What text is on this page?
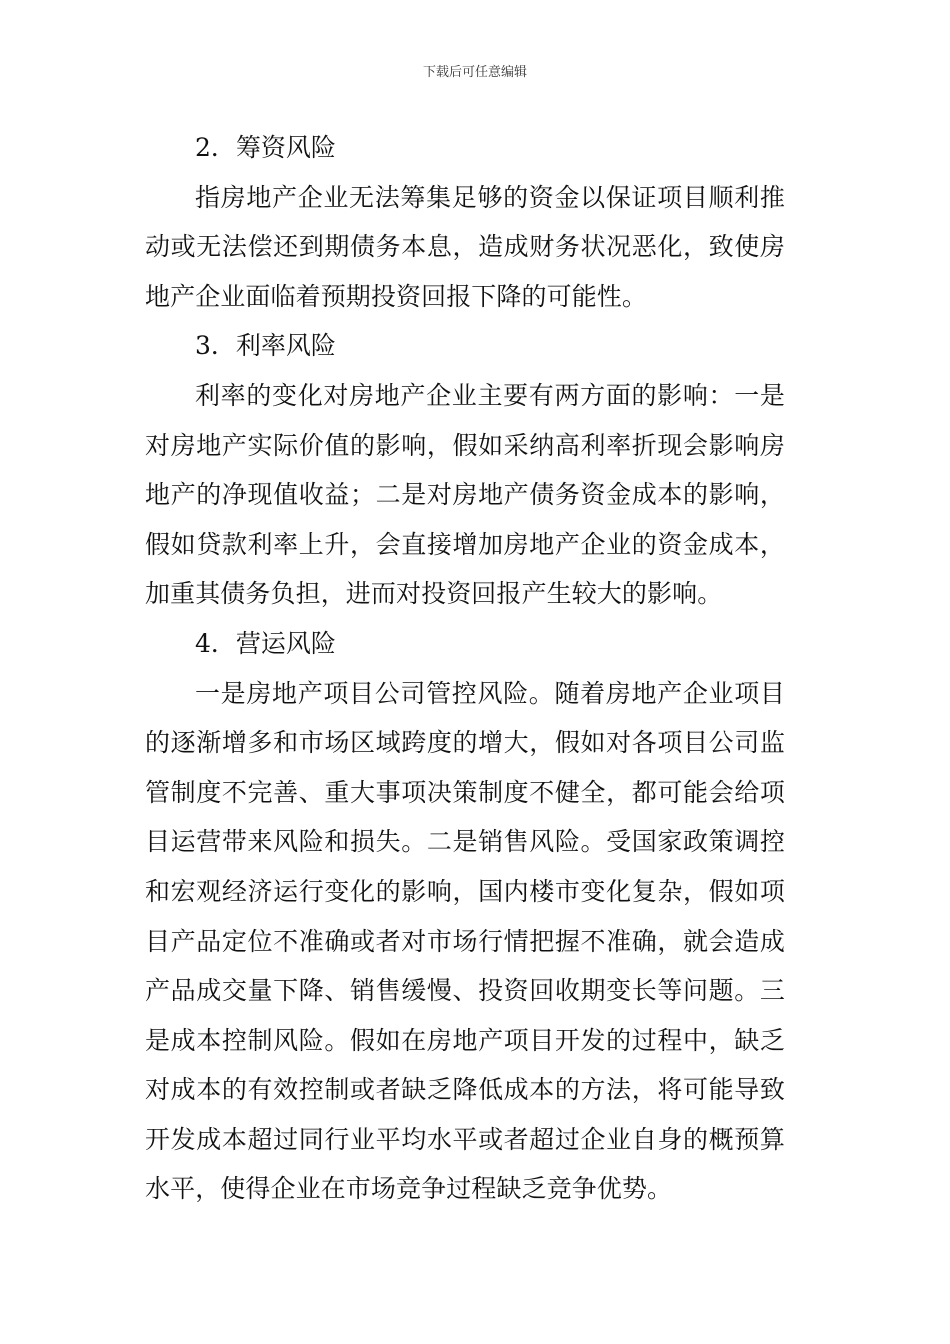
下载后可任意编辑

2．筹资风险

指房地产企业无法筹集足够的资金以保证项目顺利推动或无法偿还到期债务本息，造成财务状况恶化，致使房地产企业面临着预期投资回报下降的可能性。

3．利率风险

利率的变化对房地产企业主要有两方面的影响：一是对房地产实际价值的影响，假如采纳高利率折现会影响房地产的净现值收益；二是对房地产债务资金成本的影响，假如贷款利率上升，会直接增加房地产企业的资金成本，加重其债务负担，进而对投资回报产生较大的影响。

4．营运风险

一是房地产项目公司管控风险。随着房地产企业项目的逐渐增多和市场区域跨度的增大，假如对各项目公司监管制度不完善、重大事项决策制度不健全，都可能会给项目运营带来风险和损失。二是销售风险。受国家政策调控和宏观经济运行变化的影响，国内楼市变化复杂，假如项目产品定位不准确或者对市场行情把握不准确，就会造成产品成交量下降、销售缓慢、投资回收期变长等问题。三是成本控制风险。假如在房地产项目开发的过程中，缺乏对成本的有效控制或者缺乏降低成本的方法，将可能导致开发成本超过同行业平均水平或者超过企业自身的概预算水平，使得企业在市场竞争过程缺乏竞争优势。
